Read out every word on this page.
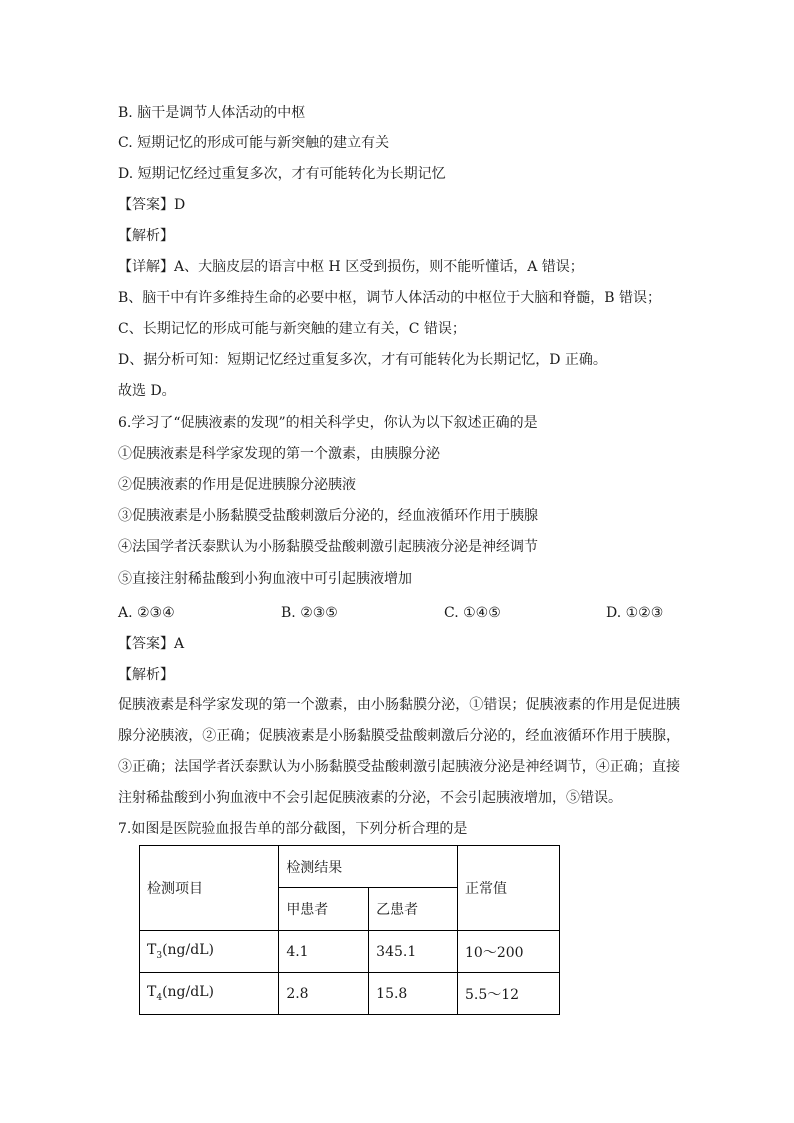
B. 脑干是调节人体活动的中枢
C. 短期记忆的形成可能与新突触的建立有关
D. 短期记忆经过重复多次，才有可能转化为长期记忆
【答案】D
【解析】
【详解】A、大脑皮层的语言中枢 H 区受到损伤，则不能听懂话，A 错误；
B、脑干中有许多维持生命的必要中枢，调节人体活动的中枢位于大脑和脊髓，B 错误；
C、长期记忆的形成可能与新突触的建立有关，C 错误；
D、据分析可知：短期记忆经过重复多次，才有可能转化为长期记忆，D 正确。
故选 D。
6.学习了“促胰液素的发现”的相关科学史，你认为以下叙述正确的是
①促胰液素是科学家发现的第一个激素，由胰腺分泌
②促胰液素的作用是促进胰腺分泌胰液
③促胰液素是小肠黏膜受盐酸刺激后分泌的，经血液循环作用于胰腺
④法国学者沃泰默认为小肠黏膜受盐酸刺激引起胰液分泌是神经调节
⑤直接注射稀盐酸到小狗血液中可引起胰液增加
A. ②③④	B. ②③⑤	C. ①④⑤	D. ①②③
【答案】A
【解析】
促胰液素是科学家发现的第一个激素，由小肠黏膜分泌，①错误；促胰液素的作用是促进胰腺分泌胰液，②正确；促胰液素是小肠黏膜受盐酸刺激后分泌的，经血液循环作用于胰腺，③正确；法国学者沃泰默认为小肠黏膜受盐酸刺激引起胰液分泌是神经调节，④正确；直接注射稀盐酸到小狗血液中不会引起促胰液素的分泌，不会引起胰液增加，⑤错误。
7.如图是医院验血报告单的部分截图，下列分析合理的是
检测项目	检测结果		正常值
	甲患者	乙患者	
$T_3(ng/dL)$	4.1	345.1	10～200
$T_4(ng/dL)$	2.8	15.8	5.5～12
